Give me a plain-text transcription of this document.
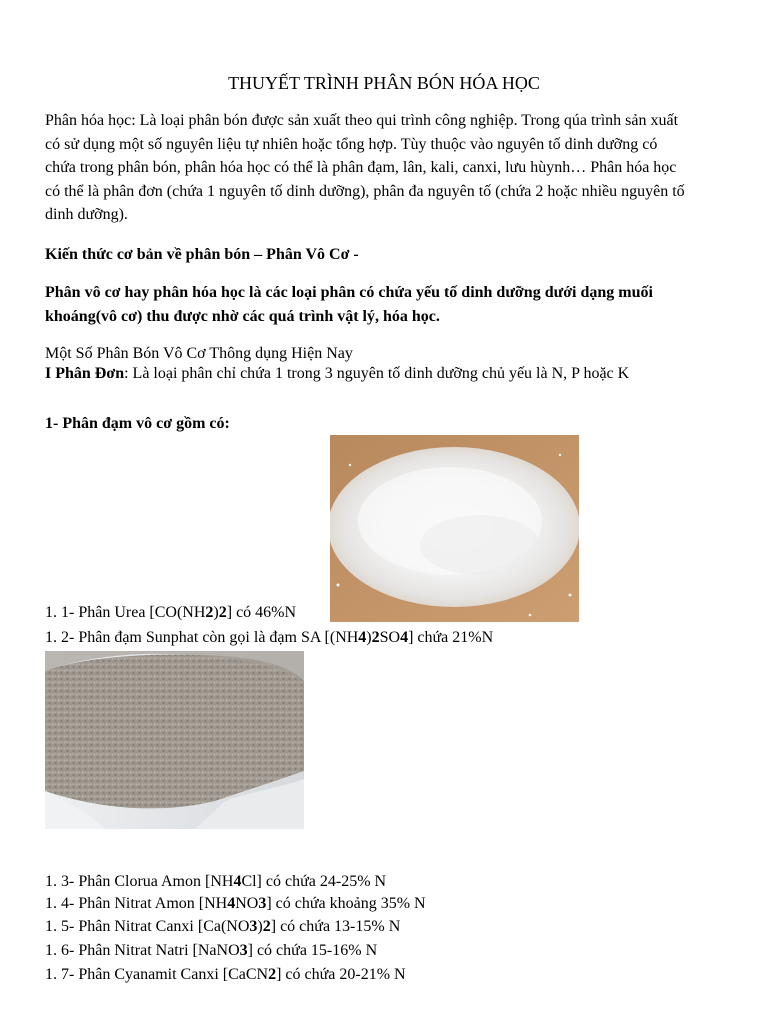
THUYẾT TRÌNH PHÂN BÓN HÓA HỌC

Phân hóa học: Là loại phân bón được sản xuất theo qui trình công nghiệp. Trong qúa trình sản xuất có sử dụng một số nguyên liệu tự nhiên hoặc tổng hợp. Tùy thuộc vào nguyên tố dinh dưỡng có chứa trong phân bón, phân hóa học có thể là phân đạm, lân, kali, canxi, lưu hùynh… Phân hóa học có thể là phân đơn (chứa 1 nguyên tố dinh dưỡng), phân đa nguyên tố (chứa 2 hoặc nhiều nguyên tố dinh dưỡng).

Kiến thức cơ bản về phân bón – Phân Vô Cơ -

Phân vô cơ hay phân hóa học là các loại phân có chứa yếu tố dinh dưỡng dưới dạng muối khoáng(vô cơ) thu được nhờ các quá trình vật lý, hóa học.

Một Số Phân Bón Vô Cơ Thông dụng Hiện Nay

I Phân Đơn: Là loại phân chỉ chứa 1 trong 3 nguyên tố dinh dưỡng chủ yếu là N, P hoặc K

1- Phân đạm vô cơ gồm có:

1. 1- Phân Urea [CO(NH2)2] có 46%N
1. 2- Phân đạm Sunphat còn gọi là đạm SA [(NH4)2SO4] chứa 21%N
1. 3- Phân Clorua Amon [NH4Cl] có chứa 24-25% N
1. 4- Phân Nitrat Amon [NH4NO3] có chứa khoảng 35% N
1. 5- Phân Nitrat Canxi [Ca(NO3)2] có chứa 13-15% N
1. 6- Phân Nitrat Natri [NaNO3] có chứa 15-16% N
1. 7- Phân Cyanamit Canxi [CaCN2] có chứa 20-21% N
